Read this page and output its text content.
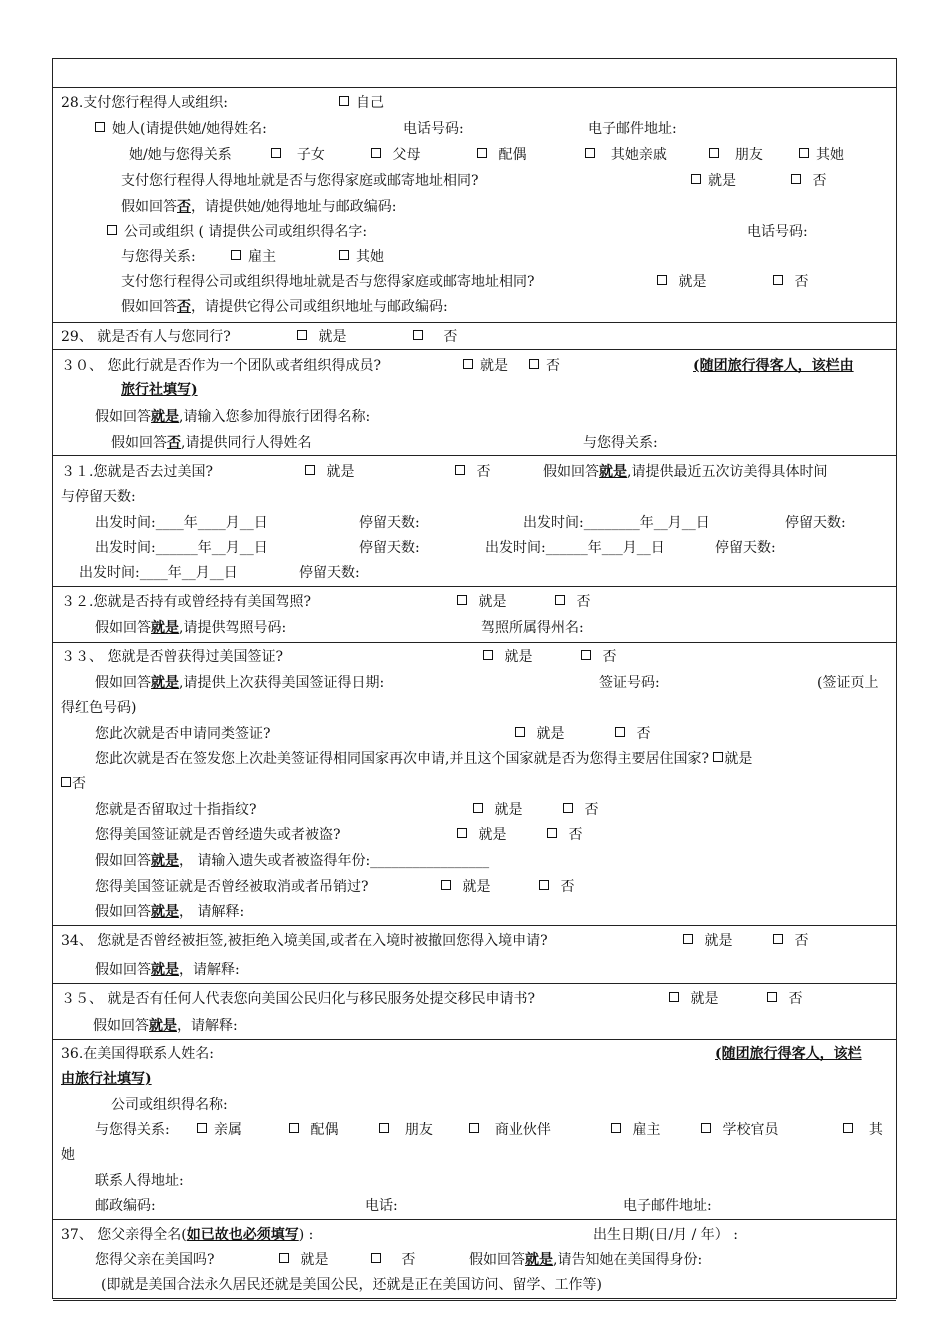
28.支付您行程得人或组织:	自己
她人(请提供她/她得姓名:	电话号码:	电子邮件地址:
她/她与您得关系	子女	父母	配偶	其她亲戚	朋友	其她
支付您行程得人得地址就是否与您得家庭或邮寄地址相同?	就是	否
假如回答否，请提供她/她得地址与邮政编码:
公司或组织 ( 请提供公司或组织得名字:	电话号码:
与您得关系:	雇主	其她
支付您行程得公司或组织得地址就是否与您得家庭或邮寄地址相同?	就是	否
假如回答否，请提供它得公司或组织地址与邮政编码:
29、 就是否有人与您同行?	就是	否
３０、 您此行就是否作为一个团队或者组织得成员?	就是	否	(随团旅行得客人，该栏由
旅行社填写)
假如回答就是,请输入您参加得旅行团得名称:
假如回答否,请提供同行人得姓名	与您得关系:
３１.您就是否去过美国?	就是	否	假如回答就是,请提供最近五次访美得具体时间
与停留天数:
出发时间:____年____月__日	停留天数:	出发时间:________年__月__日	停留天数:
出发时间:______年__月__日	停留天数:	出发时间:______年___月__日	停留天数:
出发时间:____年__月__日	停留天数:
３２.您就是否持有或曾经持有美国驾照?	就是	否
假如回答就是,请提供驾照号码:	驾照所属得州名:
３３、 您就是否曾获得过美国签证?	就是	否
假如回答就是,请提供上次获得美国签证得日期:	签证号码:	(签证页上
得红色号码)
您此次就是否申请同类签证?	就是	否
您此次就是否在签发您上次赴美签证得相同国家再次申请,并且这个国家就是否为您得主要居住国家? 就是
否
您就是否留取过十指指纹?	就是	否
您得美国签证就是否曾经遗失或者被盗?	就是	否
假如回答就是， 请输入遗失或者被盗得年份:_________________
您得美国签证就是否曾经被取消或者吊销过?	就是	否
假如回答就是， 请解释:
34、 您就是否曾经被拒签,被拒绝入境美国,或者在入境时被撤回您得入境申请?	就是	否
假如回答就是，请解释:
３５、 就是否有任何人代表您向美国公民归化与移民服务处提交移民申请书?	就是	否
假如回答就是，请解释:
36.在美国得联系人姓名:	(随团旅行得客人，该栏
由旅行社填写)
公司或组织得名称:
与您得关系:	亲属	配偶	朋友	商业伙伴	雇主	学校官员	其
她
联系人得地址:
邮政编码:	电话:	电子邮件地址:
37、 您父亲得全名(如已故也必须填写) :	出生日期(日/月 / 年） :
您得父亲在美国吗?	就是	否	假如回答就是,请告知她在美国得身份:
(即就是美国合法永久居民还就是美国公民，还就是正在美国访问、留学、工作等)
